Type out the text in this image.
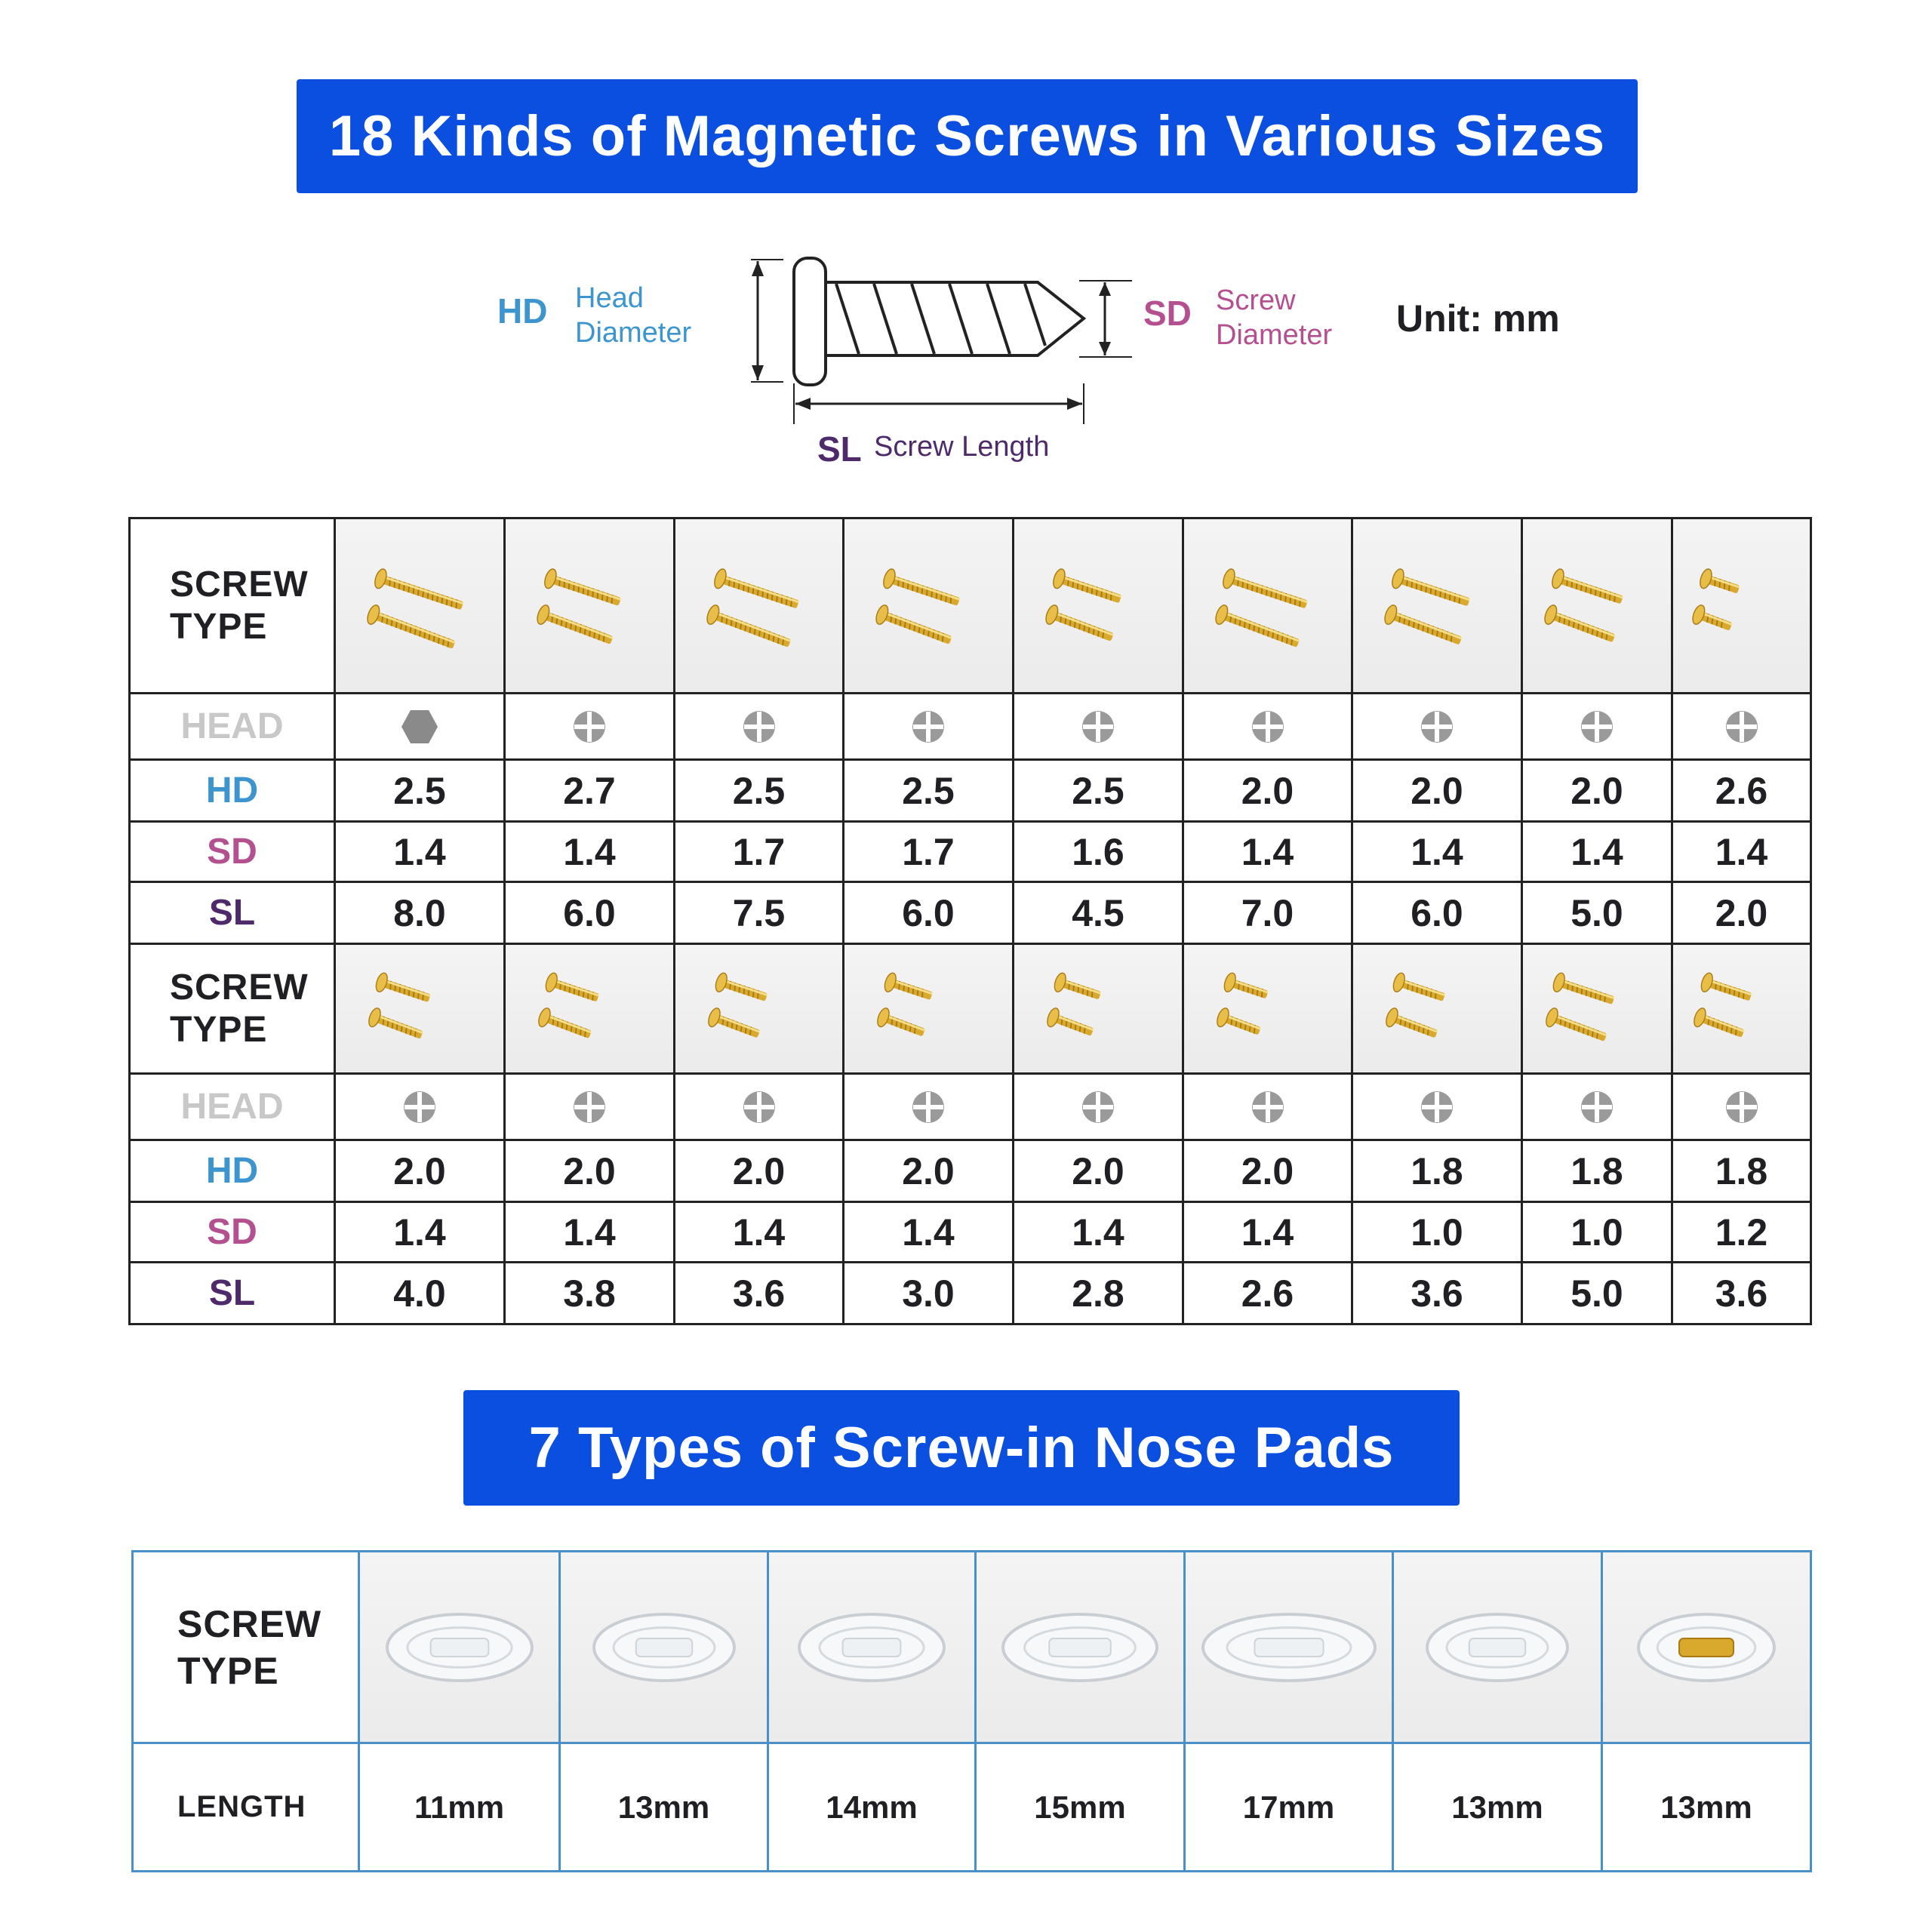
18 Kinds of Magnetic Screws in Various Sizes
HD Head
Diameter	SD Screw
Diameter Unit: mm
SL Screw Length
SCREW
TYPE

HEAD	

HD	2.5	2.7	2.5	2.5	2.5	2.0	2.0	2.0	2.6
SD	1.4	1.4	1.7	1.7	1.6	1.4	1.4	1.4	1.4
SL	8.0	6.0	7.5	6.0	4.5	7.0	6.0	5.0	2.0

SCREW
TYPE

HEAD	

HD	2.0	2.0	2.0	2.0	2.0	2.0	1.8	1.8	1.8
SD	1.4	1.4	1.4	1.4	1.4	1.4	1.0	1.0	1.2
SL	4.0	3.8	3.6	3.0	2.8	2.6	3.6	5.0	3.6
7 Types of Screw-in Nose Pads
SCREW
TYPE

LENGTH	11mm	13mm	14mm	15mm	17mm	13mm	13mm
